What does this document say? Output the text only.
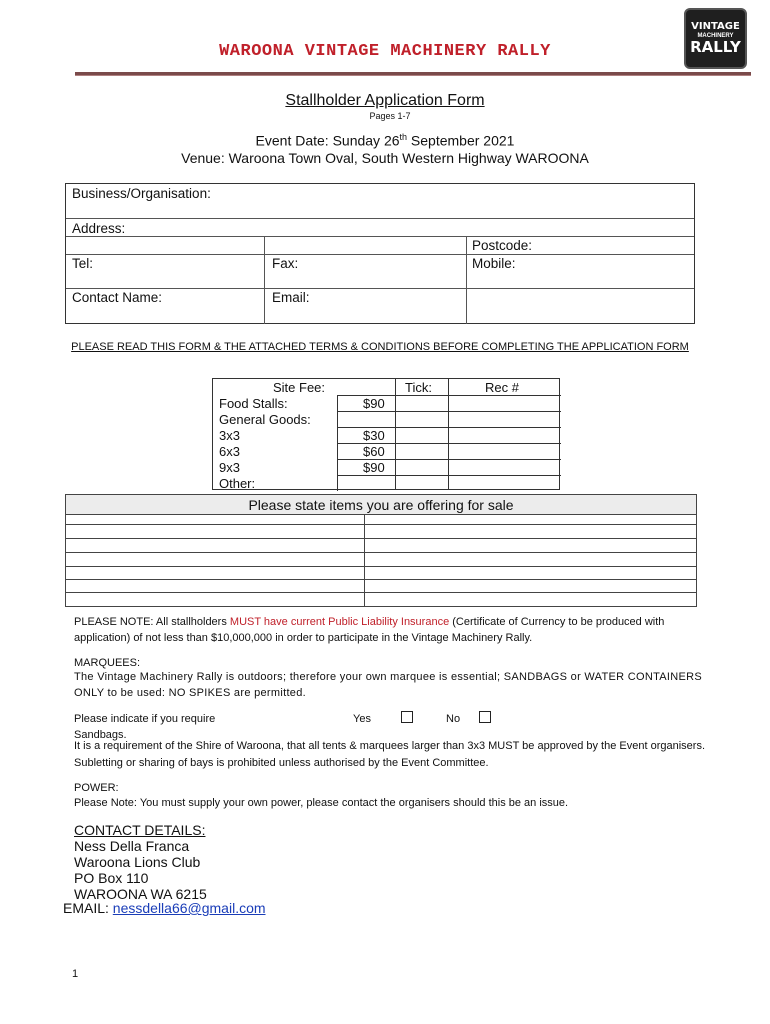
WAROONA VINTAGE MACHINERY RALLY
VINTAGE
MACHINERY
RALLY
Stallholder Application Form
Pages 1-7
Event Date: Sunday 26th September 2021
Venue: Waroona Town Oval, South Western Highway WAROONA
Business/Organisation:
Address:
Postcode:
Tel:	Fax:	Mobile:
Contact Name:	Email:
PLEASE READ THIS FORM & THE ATTACHED TERMS & CONDITIONS BEFORE COMPLETING THE APPLICATION FORM
Site Fee:	Tick:	Rec #
Food Stalls:	$90
General Goods:
3x3	$30
6x3	$60
9x3	$90
Other:
Please state items you are offering for sale
PLEASE NOTE: All stallholders MUST have current Public Liability Insurance (Certificate of Currency to be produced with application) of not less than $10,000,000 in order to participate in the Vintage Machinery Rally.
MARQUEES:
The Vintage Machinery Rally is outdoors; therefore your own marquee is essential; SANDBAGS or WATER CONTAINERS ONLY to be used: NO SPIKES are permitted.
Please indicate if you require Sandbags.
Yes	No
It is a requirement of the Shire of Waroona, that all tents & marquees larger than 3x3 MUST be approved by the Event organisers. Subletting or sharing of bays is prohibited unless authorised by the Event Committee.
POWER:
Please Note: You must supply your own power, please contact the organisers should this be an issue.
CONTACT DETAILS:
Ness Della Franca
Waroona Lions Club
PO Box 110
WAROONA WA 6215
EMAIL: nessdella66@gmail.com
1
